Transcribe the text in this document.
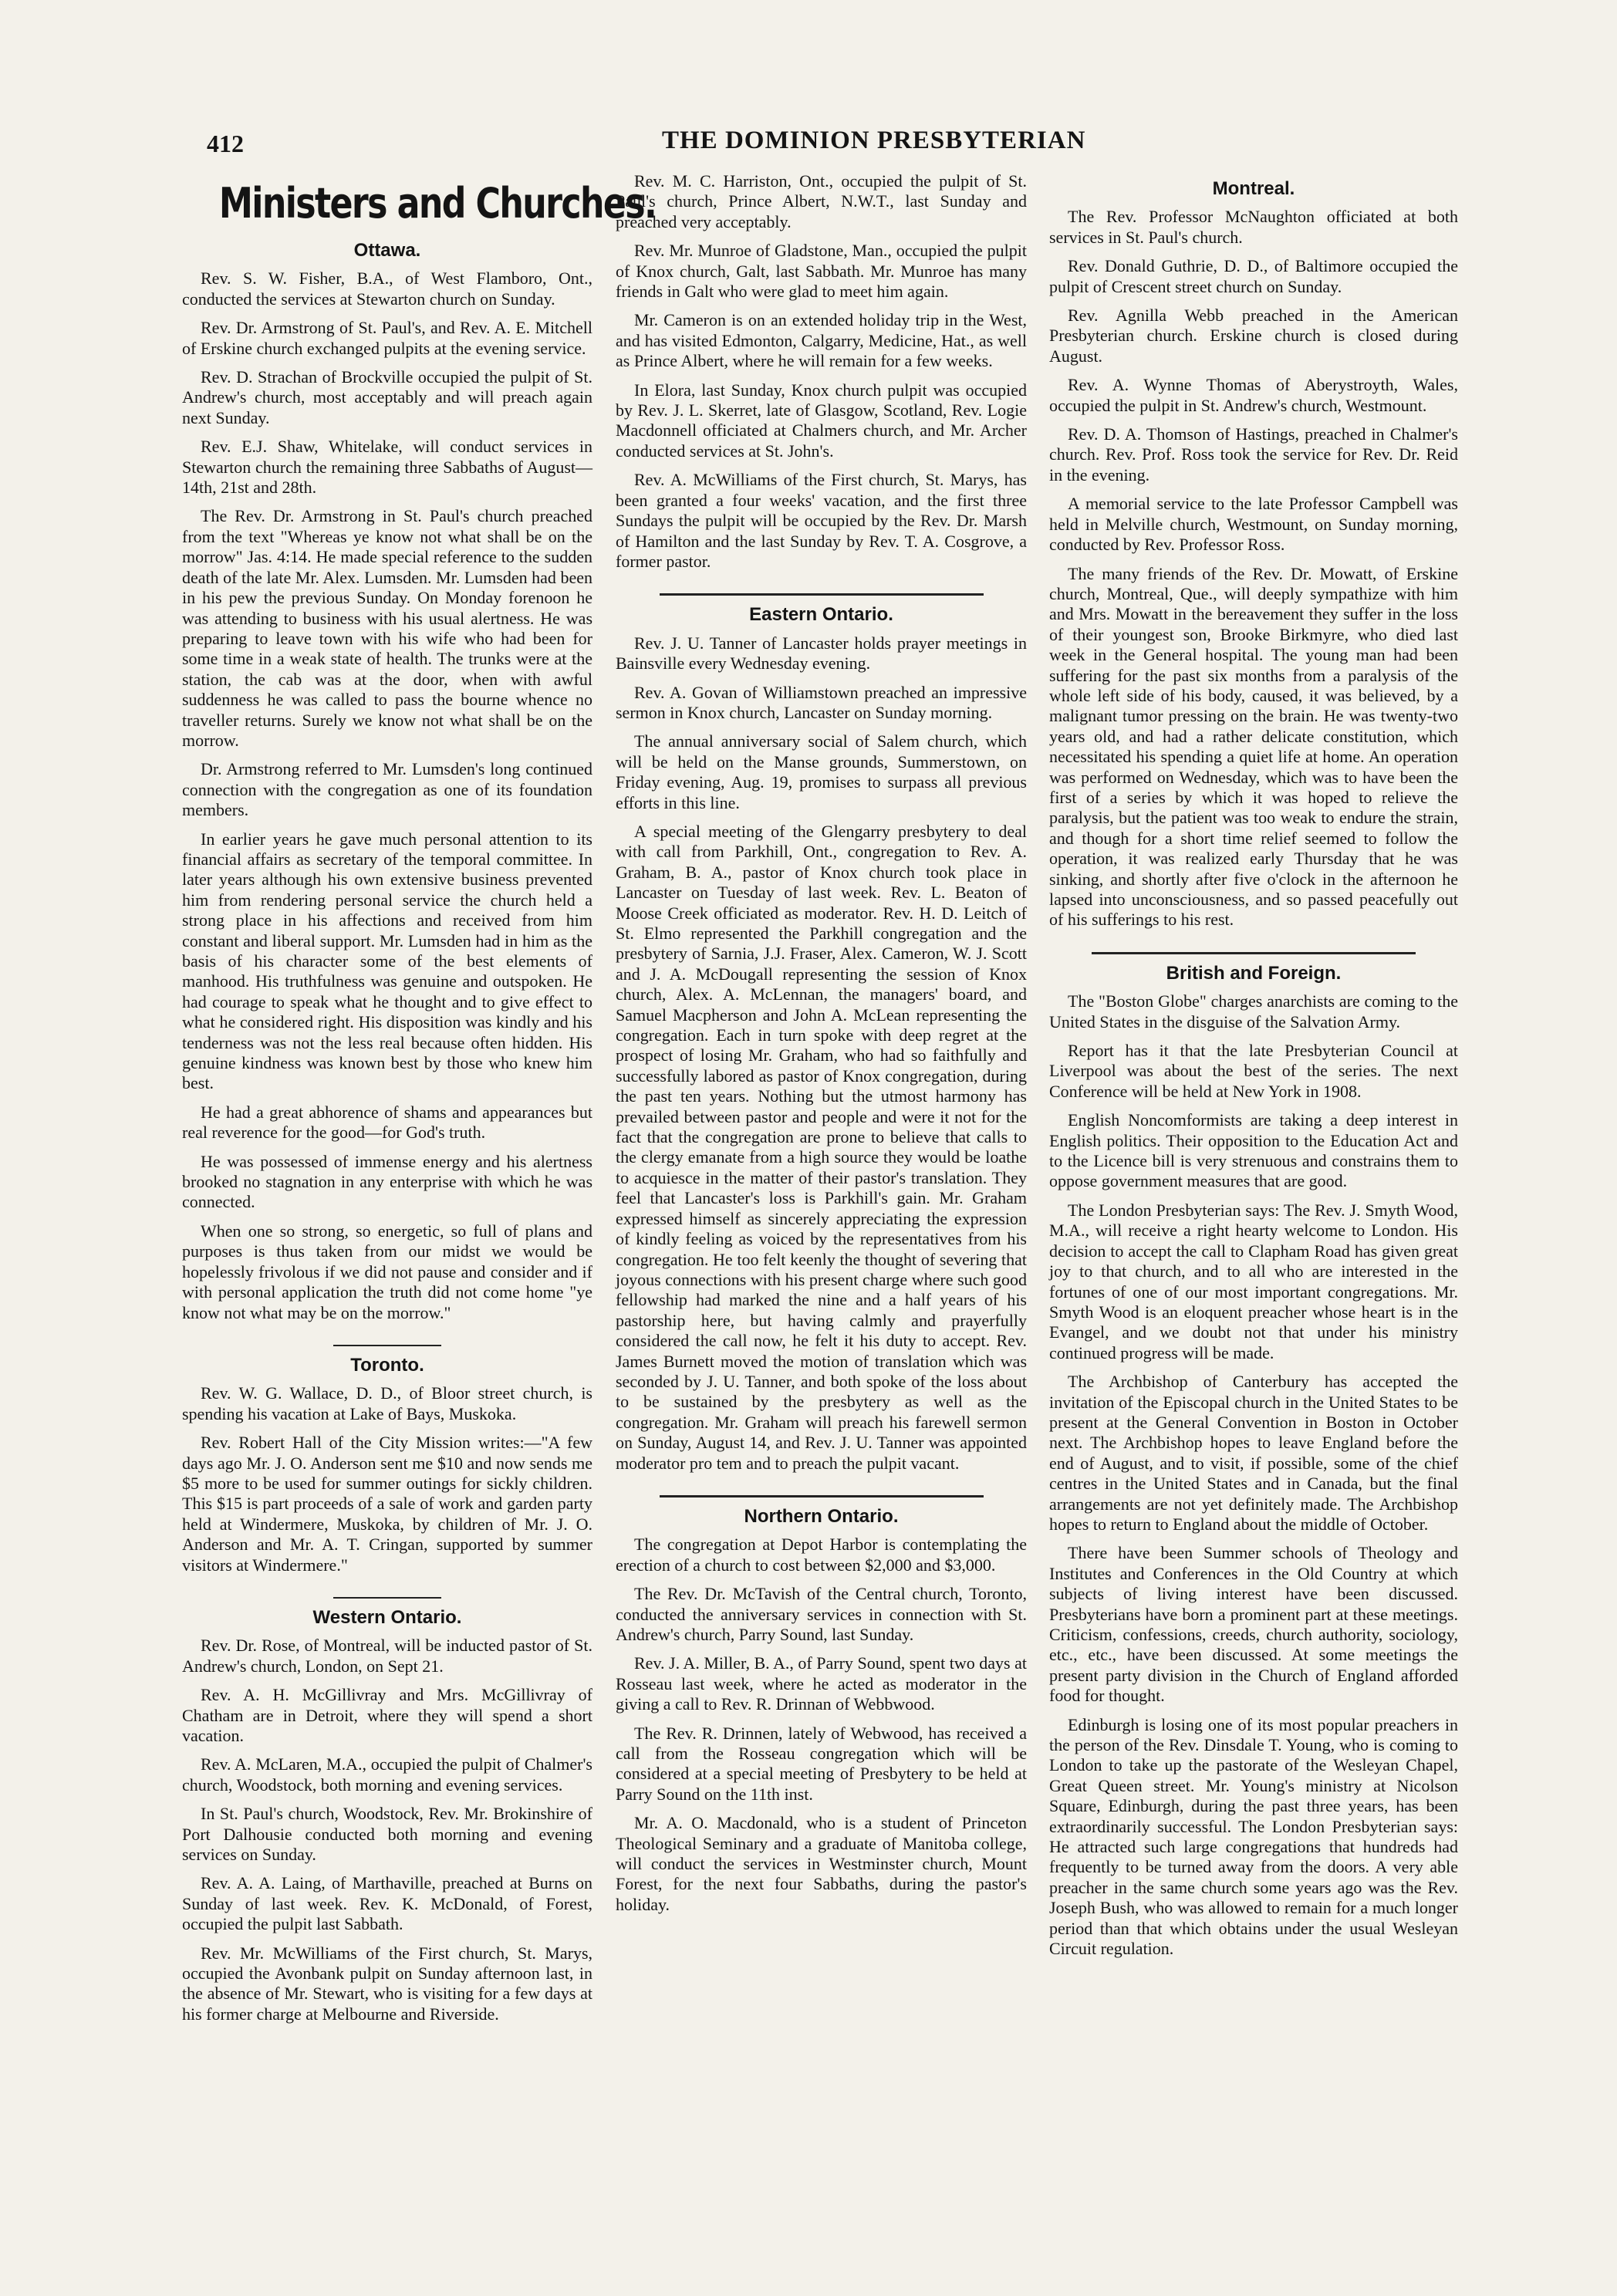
412	THE DOMINION PRESBYTERIAN
Ministers and Churches.
Ottawa.

Rev. S. W. Fisher, B.A., of West Flamboro, Ont., conducted the services at Stewarton church on Sunday.

Rev. Dr. Armstrong of St. Paul's, and Rev. A. E. Mitchell of Erskine church exchanged pulpits at the evening service.

Rev. D. Strachan of Brockville occupied the pulpit of St. Andrew's church, most acceptably and will preach again next Sunday.

Rev. E.J. Shaw, Whitelake, will conduct services in Stewarton church the remaining three Sabbaths of August—14th, 21st and 28th.

The Rev. Dr. Armstrong in St. Paul's church preached from the text "Whereas ye know not what shall be on the morrow" Jas. 4:14. He made special reference to the sudden death of the late Mr. Alex. Lumsden. Mr. Lumsden had been in his pew the previous Sunday. On Monday forenoon he was attending to business with his usual alertness. He was preparing to leave town with his wife who had been for some time in a weak state of health. The trunks were at the station, the cab was at the door, when with awful suddenness he was called to pass the bourne whence no traveller returns. Surely we know not what shall be on the morrow.

Dr. Armstrong referred to Mr. Lumsden's long continued connection with the congregation as one of its foundation members.

In earlier years he gave much personal attention to its financial affairs as secretary of the temporal committee. In later years although his own extensive business prevented him from rendering personal service the church held a strong place in his affections and received from him constant and liberal support. Mr. Lumsden had in him as the basis of his character some of the best elements of manhood. His truthfulness was genuine and outspoken. He had courage to speak what he thought and to give effect to what he considered right. His disposition was kindly and his tenderness was not the less real because often hidden. His genuine kindness was known best by those who knew him best.

He had a great abhorence of shams and appearances but real reverence for the good—for God's truth.

He was possessed of immense energy and his alertness brooked no stagnation in any enterprise with which he was connected.

When one so strong, so energetic, so full of plans and purposes is thus taken from our midst we would be hopelessly frivolous if we did not pause and consider and if with personal application the truth did not come home "ye know not what may be on the morrow."

Toronto.

Rev. W. G. Wallace, D. D., of Bloor street church, is spending his vacation at Lake of Bays, Muskoka.

Rev. Robert Hall of the City Mission writes:—"A few days ago Mr. J. O. Anderson sent me $10 and now sends me $5 more to be used for summer outings for sickly children. This $15 is part proceeds of a sale of work and garden party held at Windermere, Muskoka, by children of Mr. J. O. Anderson and Mr. A. T. Cringan, supported by summer visitors at Windermere."

Western Ontario.

Rev. Dr. Rose, of Montreal, will be inducted pastor of St. Andrew's church, London, on Sept 21.

Rev. A. H. McGillivray and Mrs. McGillivray of Chatham are in Detroit, where they will spend a short vacation.

Rev. A. McLaren, M.A., occupied the pulpit of Chalmer's church, Woodstock, both morning and evening services.

In St. Paul's church, Woodstock, Rev. Mr. Brokinshire of Port Dalhousie conducted both morning and evening services on Sunday.

Rev. A. A. Laing, of Marthaville, preached at Burns on Sunday of last week. Rev. K. McDonald, of Forest, occupied the pulpit last Sabbath.

Rev. Mr. McWilliams of the First church, St. Marys, occupied the Avonbank pulpit on Sunday afternoon last, in the absence of Mr. Stewart, who is visiting for a few days at his former charge at Melbourne and Riverside.

Rev. M. C. Harriston, Ont., occupied the pulpit of St. Paul's church, Prince Albert, N.W.T., last Sunday and preached very acceptably.

Rev. Mr. Munroe of Gladstone, Man., occupied the pulpit of Knox church, Galt, last Sabbath. Mr. Munroe has many friends in Galt who were glad to meet him again.

Mr. Cameron is on an extended holiday trip in the West, and has visited Edmonton, Calgarry, Medicine, Hat., as well as Prince Albert, where he will remain for a few weeks.

In Elora, last Sunday, Knox church pulpit was occupied by Rev. J. L. Skerret, late of Glasgow, Scotland, Rev. Logie Macdonnell officiated at Chalmers church, and Mr. Archer conducted services at St. John's.

Rev. A. McWilliams of the First church, St. Marys, has been granted a four weeks' vacation, and the first three Sundays the pulpit will be occupied by the Rev. Dr. Marsh of Hamilton and the last Sunday by Rev. T. A. Cosgrove, a former pastor.

Eastern Ontario.

Rev. J. U. Tanner of Lancaster holds prayer meetings in Bainsville every Wednesday evening.

Rev. A. Govan of Williamstown preached an impressive sermon in Knox church, Lancaster on Sunday morning.

The annual anniversary social of Salem church, which will be held on the Manse grounds, Summerstown, on Friday evening, Aug. 19, promises to surpass all previous efforts in this line.

A special meeting of the Glengarry presbytery to deal with call from Parkhill, Ont., congregation to Rev. A. Graham, B. A., pastor of Knox church took place in Lancaster on Tuesday of last week. Rev. L. Beaton of Moose Creek officiated as moderator. Rev. H. D. Leitch of St. Elmo represented the Parkhill congregation and the presbytery of Sarnia, J.J. Fraser, Alex. Cameron, W. J. Scott and J. A. McDougall representing the session of Knox church, Alex. A. McLennan, the managers' board, and Samuel Macpherson and John A. McLean representing the congregation. Each in turn spoke with deep regret at the prospect of losing Mr. Graham, who had so faithfully and successfully labored as pastor of Knox congregation, during the past ten years. Nothing but the utmost harmony has prevailed between pastor and people and were it not for the fact that the congregation are prone to believe that calls to the clergy emanate from a high source they would be loathe to acquiesce in the matter of their pastor's translation. They feel that Lancaster's loss is Parkhill's gain. Mr. Graham expressed himself as sincerely appreciating the expression of kindly feeling as voiced by the representatives from his congregation. He too felt keenly the thought of severing that joyous connections with his present charge where such good fellowship had marked the nine and a half years of his pastorship here, but having calmly and prayerfully considered the call now, he felt it his duty to accept. Rev. James Burnett moved the motion of translation which was seconded by J. U. Tanner, and both spoke of the loss about to be sustained by the presbytery as well as the congregation. Mr. Graham will preach his farewell sermon on Sunday, August 14, and Rev. J. U. Tanner was appointed moderator pro tem and to preach the pulpit vacant.

Northern Ontario.

The congregation at Depot Harbor is contemplating the erection of a church to cost between $2,000 and $3,000.

The Rev. Dr. McTavish of the Central church, Toronto, conducted the anniversary services in connection with St. Andrew's church, Parry Sound, last Sunday.

Rev. J. A. Miller, B. A., of Parry Sound, spent two days at Rosseau last week, where he acted as moderator in the giving a call to Rev. R. Drinnan of Webbwood.

The Rev. R. Drinnen, lately of Webwood, has received a call from the Rosseau congregation which will be considered at a special meeting of Presbytery to be held at Parry Sound on the 11th inst.

Mr. A. O. Macdonald, who is a student of Princeton Theological Seminary and a graduate of Manitoba college, will conduct the services in Westminster church, Mount Forest, for the next four Sabbaths, during the pastor's holiday.

Montreal.

The Rev. Professor McNaughton officiated at both services in St. Paul's church.

Rev. Donald Guthrie, D. D., of Baltimore occupied the pulpit of Crescent street church on Sunday.

Rev. Agnilla Webb preached in the American Presbyterian church. Erskine church is closed during August.

Rev. A. Wynne Thomas of Aberystroyth, Wales, occupied the pulpit in St. Andrew's church, Westmount.

Rev. D. A. Thomson of Hastings, preached in Chalmer's church. Rev. Prof. Ross took the service for Rev. Dr. Reid in the evening.

A memorial service to the late Professor Campbell was held in Melville church, Westmount, on Sunday morning, conducted by Rev. Professor Ross.

The many friends of the Rev. Dr. Mowatt, of Erskine church, Montreal, Que., will deeply sympathize with him and Mrs. Mowatt in the bereavement they suffer in the loss of their youngest son, Brooke Birkmyre, who died last week in the General hospital. The young man had been suffering for the past six months from a paralysis of the whole left side of his body, caused, it was believed, by a malignant tumor pressing on the brain. He was twenty-two years old, and had a rather delicate constitution, which necessitated his spending a quiet life at home. An operation was performed on Wednesday, which was to have been the first of a series by which it was hoped to relieve the paralysis, but the patient was too weak to endure the strain, and though for a short time relief seemed to follow the operation, it was realized early Thursday that he was sinking, and shortly after five o'clock in the afternoon he lapsed into unconsciousness, and so passed peacefully out of his sufferings to his rest.

British and Foreign.

The "Boston Globe" charges anarchists are coming to the United States in the disguise of the Salvation Army.

Report has it that the late Presbyterian Council at Liverpool was about the best of the series. The next Conference will be held at New York in 1908.

English Noncomformists are taking a deep interest in English politics. Their opposition to the Education Act and to the Licence bill is very strenuous and constrains them to oppose government measures that are good.

The London Presbyterian says: The Rev. J. Smyth Wood, M.A., will receive a right hearty welcome to London. His decision to accept the call to Clapham Road has given great joy to that church, and to all who are interested in the fortunes of one of our most important congregations. Mr. Smyth Wood is an eloquent preacher whose heart is in the Evangel, and we doubt not that under his ministry continued progress will be made.

The Archbishop of Canterbury has accepted the invitation of the Episcopal church in the United States to be present at the General Convention in Boston in October next. The Archbishop hopes to leave England before the end of August, and to visit, if possible, some of the chief centres in the United States and in Canada, but the final arrangements are not yet definitely made. The Archbishop hopes to return to England about the middle of October.

There have been Summer schools of Theology and Institutes and Conferences in the Old Country at which subjects of living interest have been discussed. Presbyterians have born a prominent part at these meetings. Criticism, confessions, creeds, church authority, sociology, etc., etc., have been discussed. At some meetings the present party division in the Church of England afforded food for thought.

Edinburgh is losing one of its most popular preachers in the person of the Rev. Dinsdale T. Young, who is coming to London to take up the pastorate of the Wesleyan Chapel, Great Queen street. Mr. Young's ministry at Nicolson Square, Edinburgh, during the past three years, has been extraordinarily successful. The London Presbyterian says: He attracted such large congregations that hundreds had frequently to be turned away from the doors. A very able preacher in the same church some years ago was the Rev. Joseph Bush, who was allowed to remain for a much longer period than that which obtains under the usual Wesleyan Circuit regulation.
